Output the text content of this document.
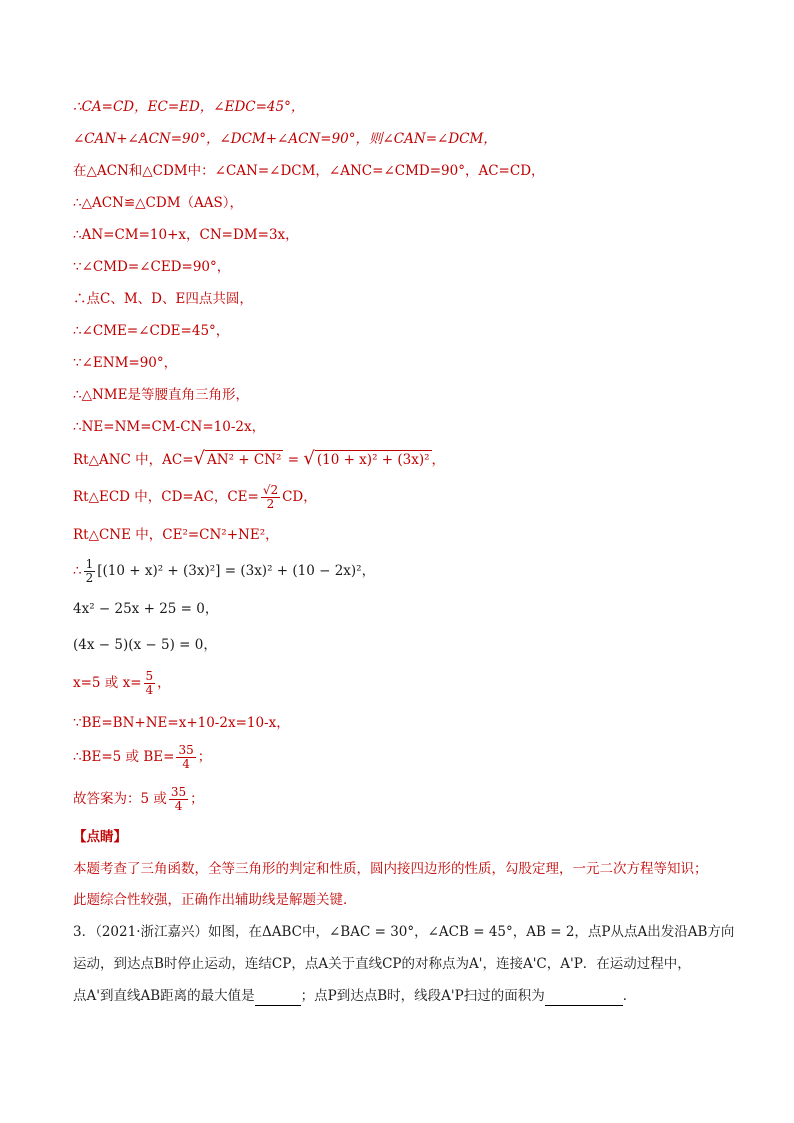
∴CA=CD，EC=ED，∠EDC=45°，

∠CAN+∠ACN=90°，∠DCM+∠ACN=90°，则∠CAN=∠DCM，

在△ACN和△CDM中：∠CAN=∠DCM，∠ANC=∠CMD=90°，AC=CD，

∴△ACN≌△CDM（AAS），

∴AN=CM=10+x，CN=DM=3x，

∵∠CMD=∠CED=90°，

∴点C、M、D、E四点共圆，

∴∠CME=∠CDE=45°，

∵∠ENM=90°，

∴△NME是等腰直角三角形，

∴NE=NM=CM-CN=10-2x，

Rt△ANC 中，AC=√ AN² + CN² = √ (10 + x)² + (3x)² ，

Rt△ECD 中，CD=AC，$CE= \frac{√2}{2}$ CD，

Rt△CNE 中，CE²=CN²+NE²，

∴ $\frac{1}{2} [(10 + x)^2 + (3x)^2] = (3x)^2 + (10 - 2x)^2$，

4x² − 25x + 25 = 0，

(4x − 5)(x − 5) = 0，

x=5 或 $x= \frac{5}{4}$ ，

∵BE=BN+NE=x+10-2x=10-x，

∴BE=5 或 $BE= \frac{35}{4}$ ；

故答案为：5 或 $\frac{35}{4}$ ；

【点睛】

本题考查了三角函数，全等三角形的判定和性质，圆内接四边形的性质，勾股定理，一元二次方程等知识；

此题综合性较强，正确作出辅助线是解题关键．

3．（2021·浙江嘉兴）如图，在ΔABC中，∠BAC = 30°，∠ACB = 45°，AB = 2，点P从点A出发沿AB方向

运动，到达点B时停止运动，连结CP，点A关于直线CP的对称点为A'，连接A'C，A'P．在运动过程中，

点A'到直线AB距离的最大值是	；点P到达点B时，线段A'P扫过的面积为	．
